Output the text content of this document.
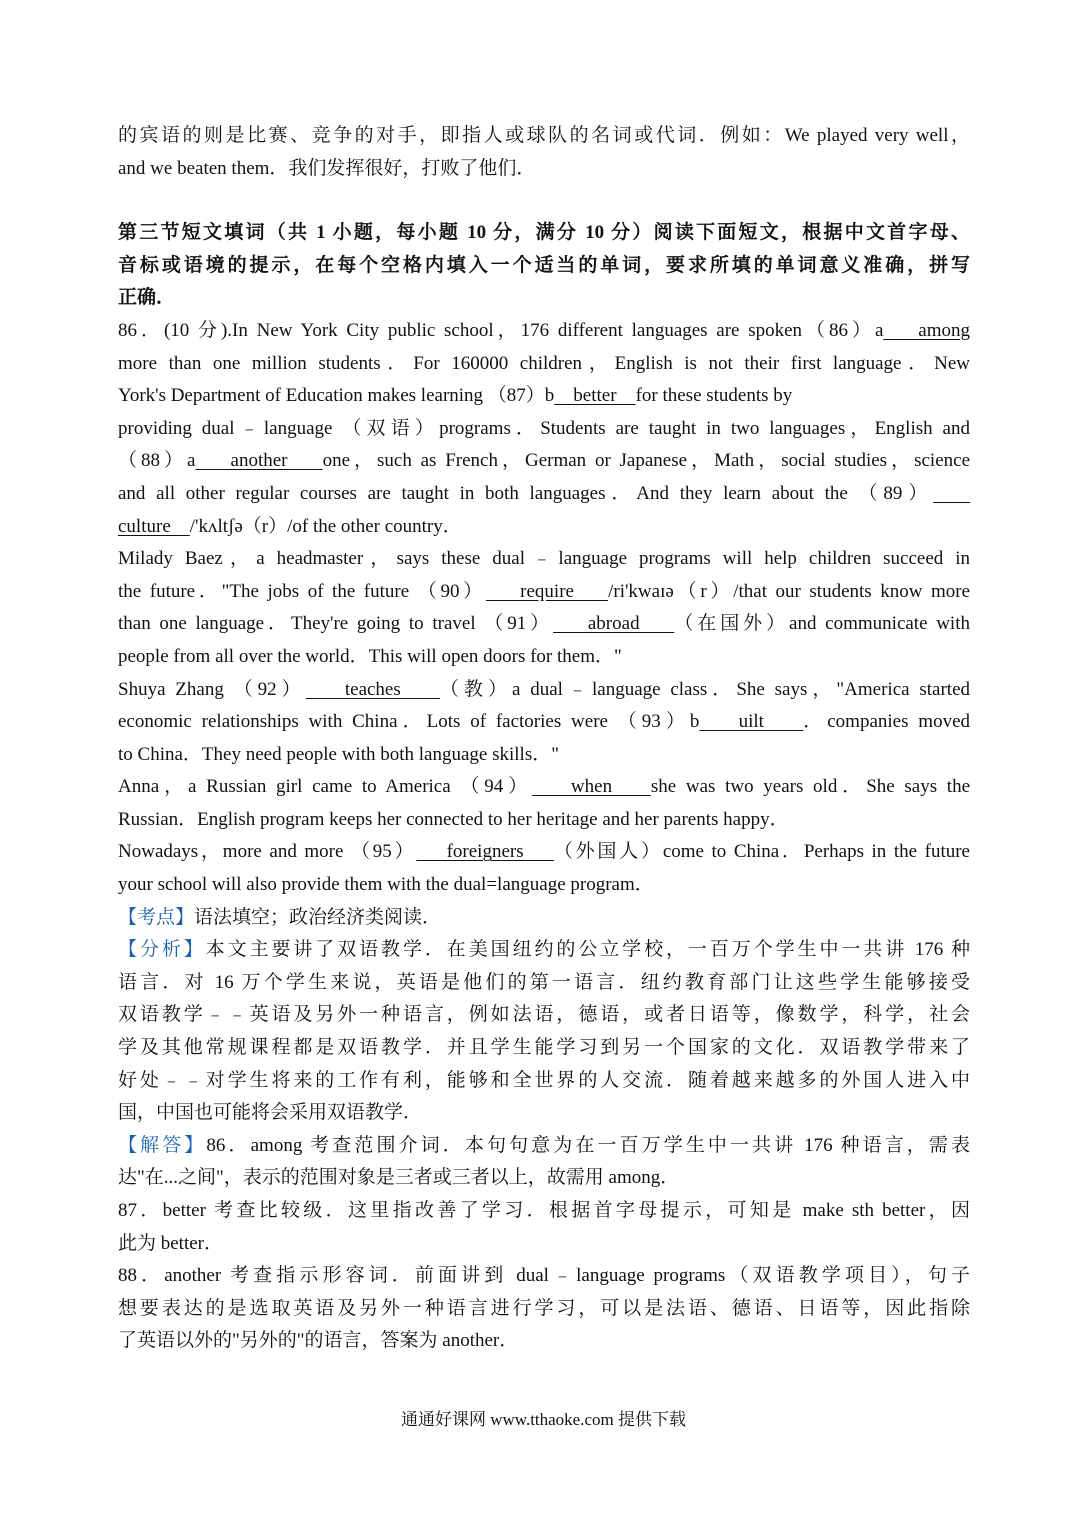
的宾语的则是比赛、竞争的对手，即指人或球队的名词或代词．例如：We played very well，
and we beaten them．我们发挥很好，打败了他们．
第三节短文填词（共 1 小题，每小题 10 分，满分 10 分）阅读下面短文，根据中文首字母、
音标或语境的提示，在每个空格内填入一个适当的单词，要求所填的单词意义准确，拼写
正确．
86．(10 分).In New York City public school，176 different languages are spoken（86）a    among
more than one million students．For 160000 children，English is not their first language．New
York's Department of Education makes learning （87）b    better    for these students by
providing dual﹣language （双语）programs．Students are taught in two languages，English and
（88）a    another    one，such as French，German or Japanese，Math，social studies，science
and all other regular courses are taught in both languages．And they learn about the （89）
culture    /'kʌltʃə（r）/of the other country．
Milady Baez，a headmaster，says these dual﹣language programs will help children succeed in
the future．"The jobs of the future （90）    require    /ri'kwaɪə（r）/that our students know more
than one language．They're going to travel （91）    abroad    （在国外）and communicate with
people from all over the world．This will open doors for them．"
Shuya Zhang （92）    teaches    （教）a dual﹣language class．She says，"America started
economic relationships with China．Lots of factories were （93）b    uilt    ．companies moved
to China．They need people with both language skills．"
Anna，a Russian girl came to America （94）    when    she was two years old．She says the
Russian．English program keeps her connected to her heritage and her parents happy．
Nowadays，more and more （95）    foreigners    （外国人）come to China．Perhaps in the future
your school will also provide them with the dual=language program．
【考点】语法填空；政治经济类阅读．
【分析】本文主要讲了双语教学．在美国纽约的公立学校，一百万个学生中一共讲 176 种
语言．对 16 万个学生来说，英语是他们的第一语言．纽约教育部门让这些学生能够接受
双语教学﹣﹣英语及另外一种语言，例如法语，德语，或者日语等，像数学，科学，社会
学及其他常规课程都是双语教学．并且学生能学习到另一个国家的文化．双语教学带来了
好处﹣﹣对学生将来的工作有利，能够和全世界的人交流．随着越来越多的外国人进入中
国，中国也可能将会采用双语教学．
【解答】86．among 考查范围介词．本句句意为在一百万学生中一共讲 176 种语言，需表
达"在...之间"，表示的范围对象是三者或三者以上，故需用 among．
87．better 考查比较级．这里指改善了学习．根据首字母提示，可知是 make sth better，因
此为 better．
88．another 考查指示形容词．前面讲到 dual﹣language programs（双语教学项目），句子
想要表达的是选取英语及另外一种语言进行学习，可以是法语、德语、日语等，因此指除
了英语以外的"另外的"的语言，答案为 another．
通通好课网 www.tthaoke.com 提供下载
